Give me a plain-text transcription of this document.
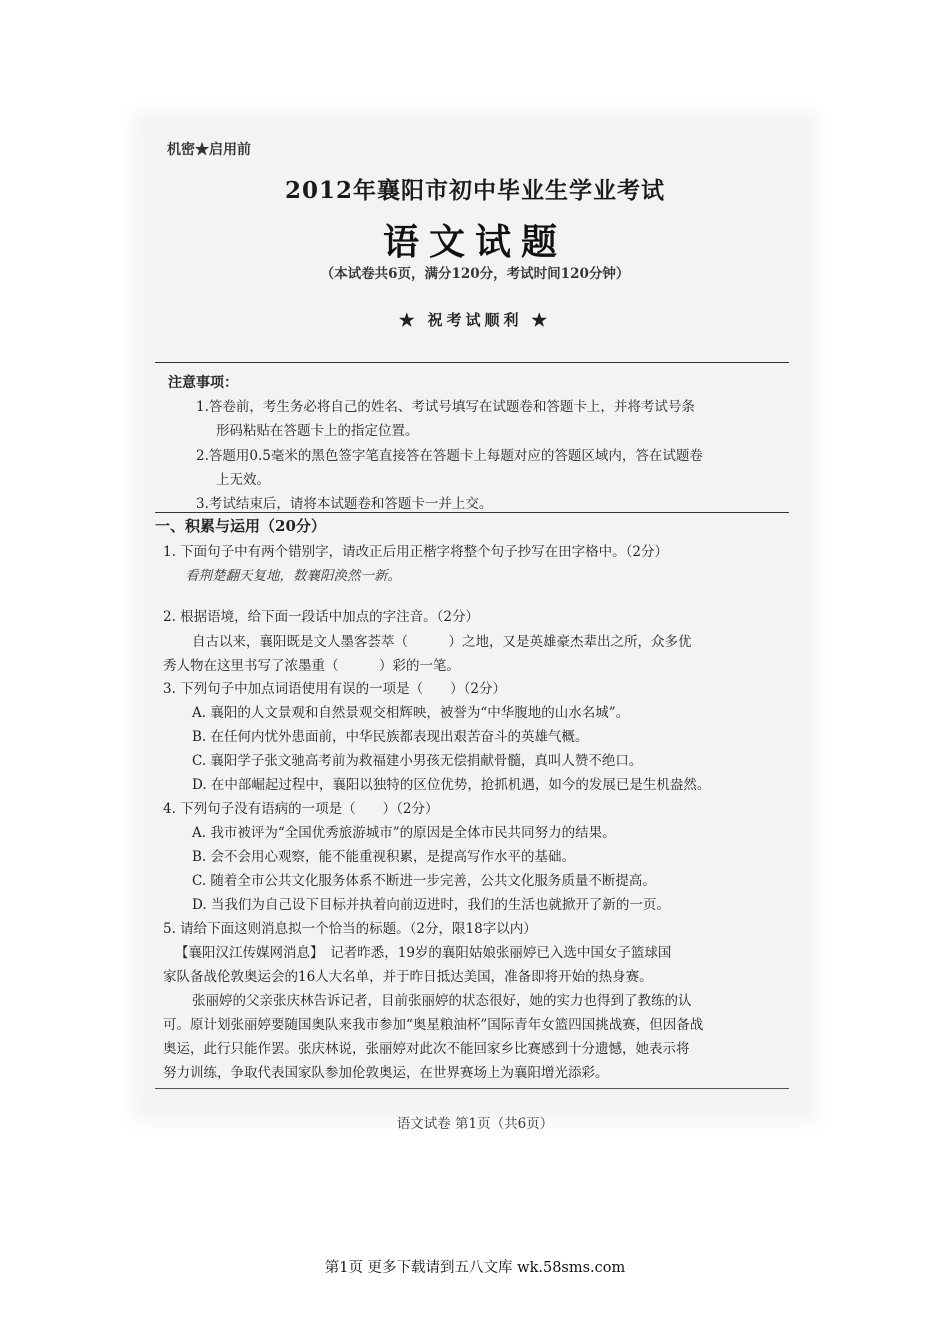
机密★启用前
2012年襄阳市初中毕业生学业考试
语文试题
（本试卷共6页，满分120分，考试时间120分钟）
★ 祝考试顺利 ★
注意事项：
1.答卷前，考生务必将自己的姓名、考试号填写在试题卷和答题卡上，并将考试号条
形码粘贴在答题卡上的指定位置。
2.答题用0.5毫米的黑色签字笔直接答在答题卡上每题对应的答题区域内，答在试题卷
上无效。
3.考试结束后，请将本试题卷和答题卡一并上交。
一、积累与运用（20分）
1. 下面句子中有两个错别字，请改正后用正楷字将整个句子抄写在田字格中。（2分）
看荆楚翻天复地，数襄阳涣然一新。
2. 根据语境，给下面一段话中加点的字注音。（2分）
自古以来，襄阳既是文人墨客荟萃（　　　）之地，又是英雄豪杰辈出之所，众多优
秀人物在这里书写了浓墨重（　　　）彩的一笔。
3. 下列句子中加点词语使用有误的一项是（　　）（2分）
A. 襄阳的人文景观和自然景观交相辉映，被誉为“中华腹地的山水名城”。
B. 在任何内忧外患面前，中华民族都表现出艰苦奋斗的英雄气概。
C. 襄阳学子张文驰高考前为救福建小男孩无偿捐献骨髓，真叫人赞不绝口。
D. 在中部崛起过程中，襄阳以独特的区位优势，抢抓机遇，如今的发展已是生机盎然。
4. 下列句子没有语病的一项是（　　）（2分）
A. 我市被评为“全国优秀旅游城市”的原因是全体市民共同努力的结果。
B. 会不会用心观察，能不能重视积累，是提高写作水平的基础。
C. 随着全市公共文化服务体系不断进一步完善，公共文化服务质量不断提高。
D. 当我们为自己设下目标并执着向前迈进时，我们的生活也就掀开了新的一页。
5. 请给下面这则消息拟一个恰当的标题。（2分，限18字以内）
【襄阳汉江传媒网消息】　记者昨悉，19岁的襄阳姑娘张丽婷已入选中国女子篮球国
家队备战伦敦奥运会的16人大名单，并于昨日抵达美国，准备即将开始的热身赛。
张丽婷的父亲张庆林告诉记者，目前张丽婷的状态很好，她的实力也得到了教练的认
可。原计划张丽婷要随国奥队来我市参加“奥星粮油杯”国际青年女篮四国挑战赛，但因备战
奥运，此行只能作罢。张庆林说，张丽婷对此次不能回家乡比赛感到十分遗憾，她表示将
努力训练，争取代表国家队参加伦敦奥运，在世界赛场上为襄阳增光添彩。
语文试卷 第1页（共6页）
第1页 更多下载请到五八文库 wk.58sms.com
